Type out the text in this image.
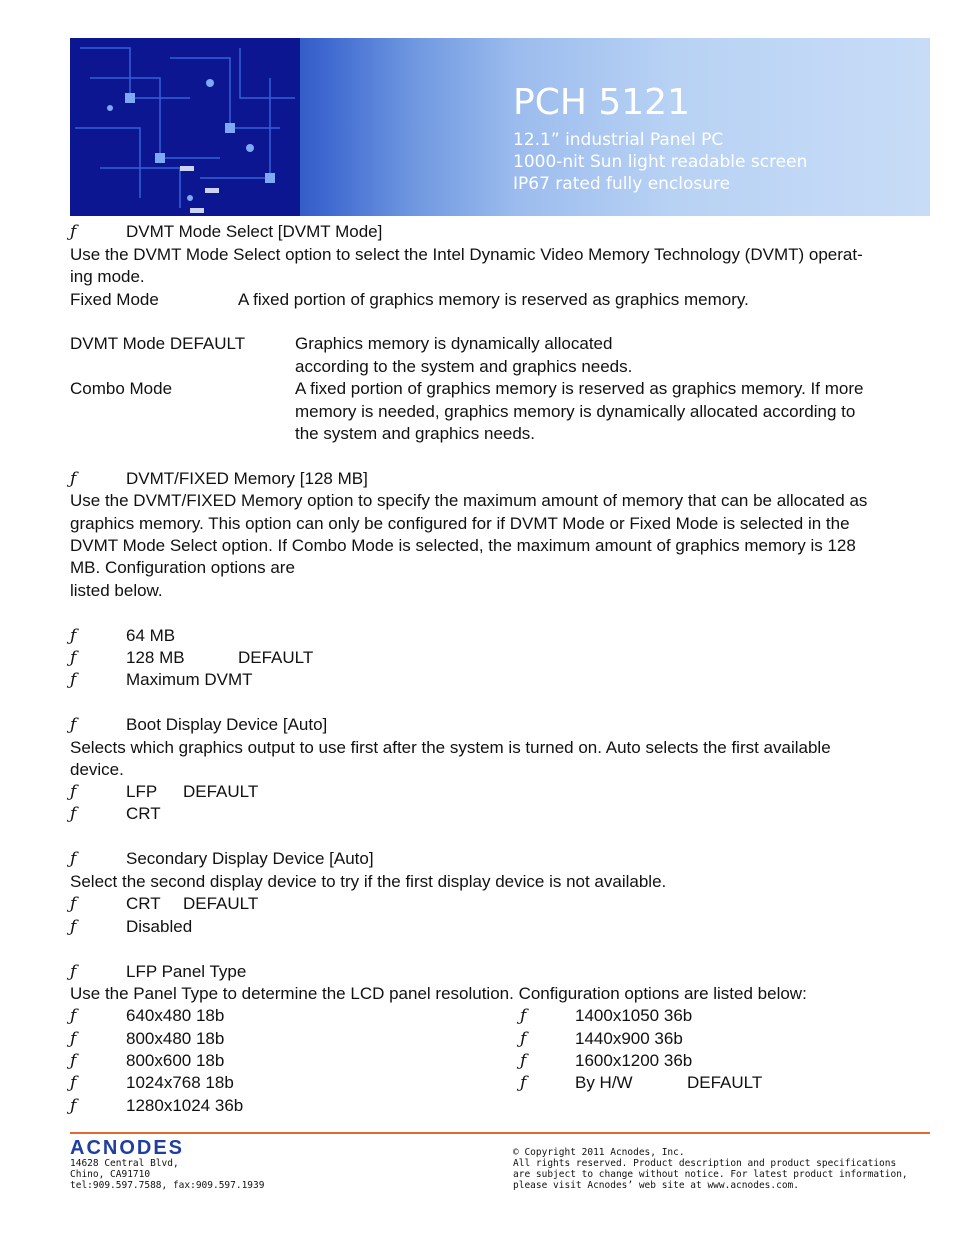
PCH 5121
12.1” industrial Panel PC
1000-nit Sun light readable screen
IP67 rated fully enclosure
ƒ	DVMT Mode Select [DVMT Mode]
Use the DVMT Mode Select option to select the Intel Dynamic Video Memory Technology (DVMT) operat-
ing mode.
Fixed Mode	A fixed portion of graphics memory is reserved as graphics memory.
DVMT Mode DEFAULT	Graphics memory is dynamically allocated
according to the system and graphics needs.
Combo Mode	A fixed portion of graphics memory is reserved as graphics memory. If more
memory is needed, graphics memory is dynamically allocated according to
the system and graphics needs.
ƒ	DVMT/FIXED Memory [128 MB]
Use the DVMT/FIXED Memory option to specify the maximum amount of memory that can be allocated as
graphics memory. This option can only be configured for if DVMT Mode or Fixed Mode is selected in the
DVMT Mode Select option. If Combo Mode is selected, the maximum amount of graphics memory is 128
MB. Configuration options are
listed below.
ƒ	64 MB
ƒ	128 MB	DEFAULT
ƒ	Maximum DVMT
ƒ	Boot Display Device [Auto]
Selects which graphics output to use first after the system is turned on. Auto selects the first available
device.
ƒ	LFP DEFAULT
ƒ	CRT
ƒ	Secondary Display Device [Auto]
Select the second display device to try if the first display device is not available.
ƒ	CRT DEFAULT
ƒ	Disabled
ƒ	LFP Panel Type
Use the Panel Type to determine the LCD panel resolution. Configuration options are listed below:
ƒ	640x480 18b
ƒ	800x480 18b
ƒ	800x600 18b
ƒ	1024x768 18b
ƒ	1280x1024 36b
ƒ	1400x1050 36b
ƒ	1440x900 36b
ƒ	1600x1200 36b
ƒ	By H/W	DEFAULT
ACNODES
14628 Central Blvd,
Chino, CA91710
tel:909.597.7588, fax:909.597.1939
© Copyright 2011 Acnodes, Inc.
All rights reserved. Product description and product specifications
are subject to change without notice. For latest product information,
please visit Acnodes’ web site at www.acnodes.com.
